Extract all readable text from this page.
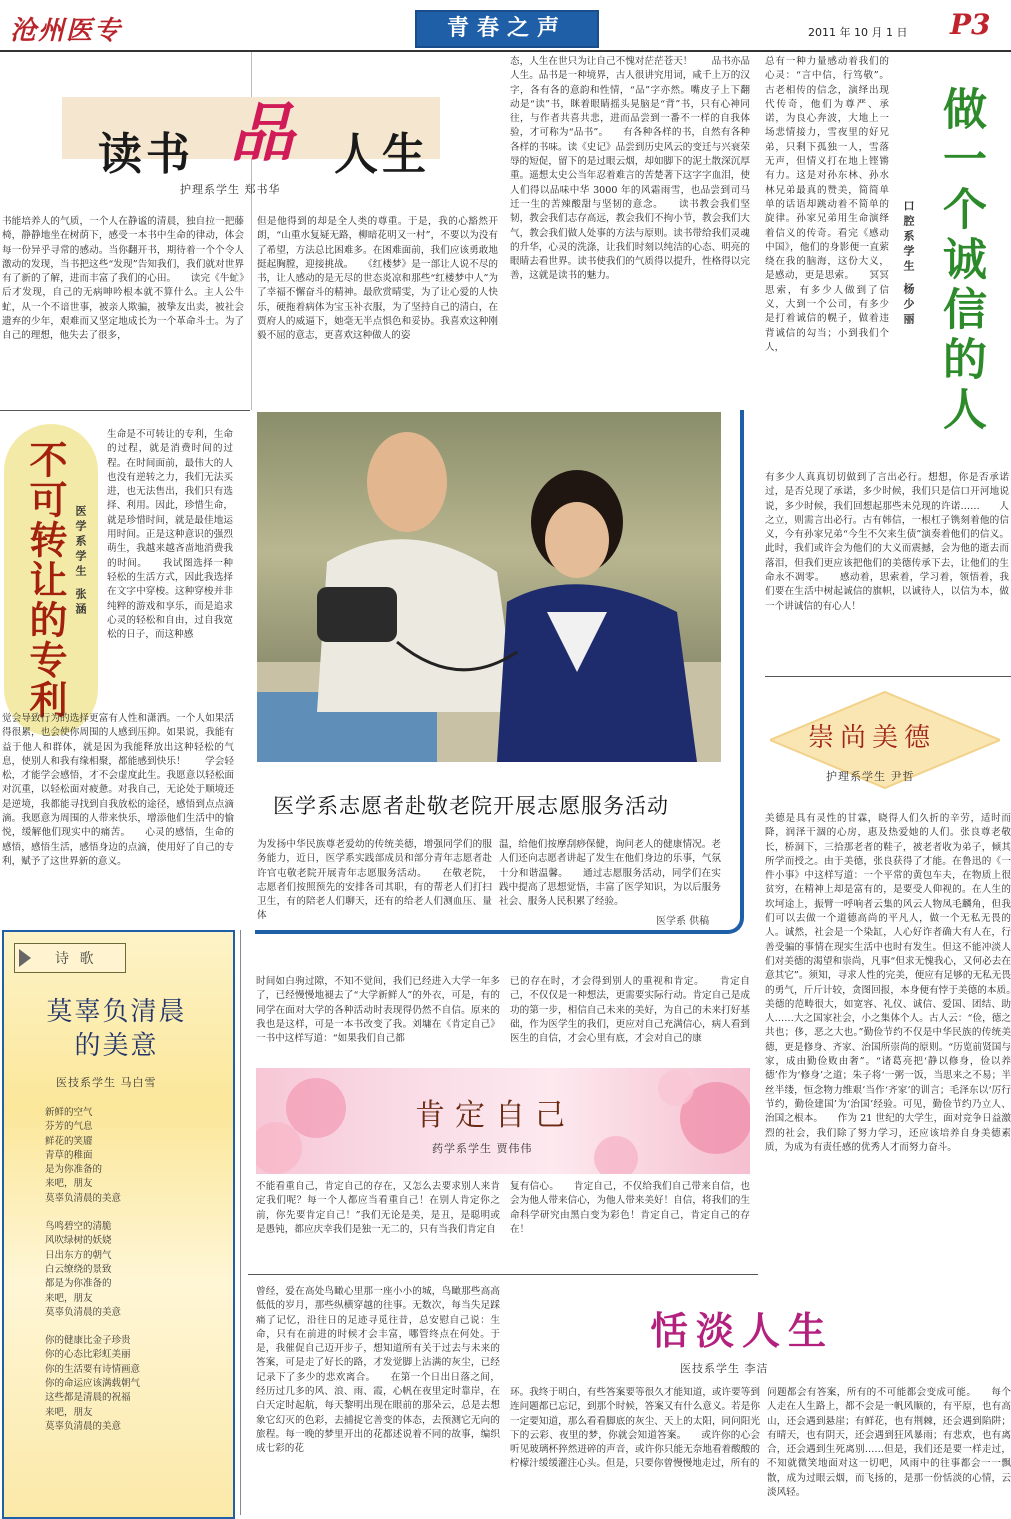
沧州医专	青春之声	2011 年 10 月 1 日 P3
读书 品 人生
护理系学生 郑书华
书能培养人的气质，一个人在静谧的清晨，独自拉一把藤椅，静静地坐在树荫下，感受一本书中生命的律动，体会每一份异乎寻常的感动。当你翻开书，期待着一个个令人激动的发现，当书把这些“发现”告知我们，我们就对世界有了新的了解，进而丰富了我们的心田。　　读完《牛虻》后才发现，自己的无病呻吟根本就不算什么。主人公牛虻，从一个不谙世事，被亲人欺骗，被挚友出卖，被社会遗弃的少年，艰难而又坚定地成长为一个革命斗士。为了自己的理想，他失去了很多，
但是他得到的却是全人类的尊重。于是，我的心豁然开朗，“山重水复疑无路，柳暗花明又一村”，不要以为没有了希望，方法总比困难多。在困难面前，我们应该勇敢地挺起胸膛，迎接挑战。　　《红楼梦》是一部让人说不尽的书，让人感动的是无尽的世态炎凉和那些“红楼梦中人”为了幸福不懈奋斗的精神。最欣赏晴雯，为了让心爱的人快乐，硬拖着病体为宝玉补衣服，为了坚持自己的清白，在贾府人的威逼下，她毫无半点惧色和妥协。我喜欢这种刚毅不屈的意志，更喜欢这种做人的姿
态，人生在世只为让自己不愧对茫茫苍天！　　品书亦品人生。品书是一种境界，古人很讲究用词，咸千上万的汉字，各有各的意韵和性情，“品”字亦然。嘴皮子上下翻动是“读”书，眯着眼睛摇头晃脑是“背”书，只有心神同往，与作者共喜共悲，进而品尝到一番不一样的自我体验，才可称为“品书”。　　有各种各样的书，自然有各种各样的书味。读《史记》品尝到历史风云的变迁与兴衰荣辱的短促，留下的是过眼云烟，却如脚下的泥土散深沉厚重。遥想太史公当年忍着难言的苦楚著下这字字血泪，使人们得以品味中华 3000 年的风霜雨雪，也品尝到司马迁一生的苦辣酸甜与坚韧的意念。　　读书教会我们坚韧，教会我们志存高远，教会我们不拘小节，教会我们大气，教会我们做人处事的方法与原则。读书带给我们灵魂的升华，心灵的洗涤，让我们时刻以纯洁的心态、明亮的眼睛去看世界。读书使我们的气质得以提升，性格得以完善，这就是读书的魅力。	做一个诚信的人
口腔系学生 杨少丽
总有一种力量感动着我们的心灵：“言中信，行笃敬”。古老相传的信念，演绎出现代传奇，他们为尊严、承诺，为良心奔波，大地上一场悲情接力，雪夜里的好兄弟，只剩下孤独一人，雪落无声，但情义打在地上铿锵有力。这是对孙东林、孙水林兄弟最真的赞美，简简单单的话语却跳动着不简单的旋律。孙家兄弟用生命演绎着信义的传奇。看完《感动中国》，他们的身影便一直萦绕在我的脑海，这份大义，是感动，更是思索。　　冥冥思索，有多少人做到了信义，大到一个公司，有多少是打着诚信的幌子，做着违背诚信的勾当；小到我们个人，
有多少人真真切切做到了言出必行。想想，你是否承诺过，是否兑现了承诺，多少时候，我们只是信口开河地说说，多少时候，我们回想起那些未兑现的许诺……　　人之立，则需言出必行。古有韩信，一根杠子镌刻着他的信义，今有孙家兄弟“今生不欠来生债”演奏着他们的信义。此时，我们或许会为他们的大义而震撼，会为他的逝去而落泪，但我们更应该把他们的美德传承下去，让他们的生命永不凋零。　　感动着，思索着，学习着，领悟着，我们要在生活中树起诚信的旗帜，以诚待人，以信为本，做一个讲诚信的有心人！
不可转让的专利 医学系学生 张涵
生命是不可转让的专利，生命的过程，就是消费时间的过程。在时间面前，最伟大的人也没有逆转之力，我们无法买进，也无法售出，我们只有选择、利用。因此，珍惜生命，就是珍惜时间，就是最佳地运用时间。正是这种意识的强烈萌生，我越来越吝啬地消费我的时间。　　我试图选择一种轻松的生活方式，因此我选择在文字中穿梭。这种穿梭并非纯粹的游戏和享乐，而是追求心灵的轻松和自由，过自我宽松的日子，而这种感
觉会导致行为的选择更富有人性和潇洒。一个人如果活得很累，也会使你周围的人感到压抑。如果说，我能有益于他人和群体，就是因为我能释放出这种轻松的气息，使别人和我有缘相聚，都能感到快乐！　　学会轻松，才能学会感悟，才不会虚度此生。我愿意以轻松面对沉重，以轻松面对疲惫。对我自己，无论处于顺境还是逆境，我都能寻找到自我放松的途径，感悟到点点滴滴。我愿意为周围的人带来快乐，增添他们生活中的愉悦，缓解他们现实中的痛苦。　　心灵的感悟，生命的感悟，感悟生活，感悟身边的点滴，使用好了自己的专利，赋予了这世界新的意义。
医学系志愿者赴敬老院开展志愿服务活动
为发扬中华民族尊老爱幼的传统美德，增强同学们的服务能力，近日，医学系实践部成员和部分青年志愿者赴许官屯敬老院开展青年志愿服务活动。　　在敬老院，志愿者们按照预先的安排各司其职，有的帮老人们打扫卫生，有的陪老人们聊天，还有的给老人们测血压、量体
温，给他们按摩刮痧保健，询问老人的健康情况。老人们还向志愿者讲起了发生在他们身边的乐事，气氛十分和谐温馨。　　通过志愿服务活动，同学们在实践中提高了思想觉悟，丰富了医学知识，为以后服务社会、服务人民积累了经验。
医学系 供稿
诗 歌
莫辜负清晨
的美意
医技系学生 马白雪
新鲜的空气
芬芳的气息
鲜花的笑靥
青草的稚面
是为你准备的
来吧，朋友
莫辜负清晨的美意
鸟鸣碧空的清脆
风吹绿树的妖娆
日出东方的朝气
白云缭绕的景致
都是为你准备的
来吧，朋友
莫辜负清晨的美意
你的健康比金子珍贵
你的心态比彩虹美丽
你的生活要有诗情画意
你的命运应该满载朝气
这些都是清晨的祝福
来吧，朋友
莫辜负清晨的美意
时间如白驹过隙，不知不觉间，我们已经进入大学一年多了，已经慢慢地褪去了“大学新鲜人”的外衣，可是，有的同学在面对大学的各种活动时表现得仍然不自信。原来的我也是这样，可是一本书改变了我。刘墉在《肯定自己》一书中这样写道：“如果我们自己都
已的存在时，才会得到别人的重视和肯定。　　肯定自己，不仅仅是一种想法，更需要实际行动。肯定自己是成功的第一步，相信自己未来的美好，为自己的未来打好基础，作为医学生的我们，更应对自己充满信心，病人看到医生的自信，才会心里有底，才会对自己的康
肯定自己
药学系学生 贾伟伟
不能看重自己，肯定自己的存在，又怎么去要求别人来肯定我们呢？每一个人都应当看重自己！在别人肯定你之前，你先要肯定自己！”我们无论是美，是丑，是聪明或是愚钝，都应庆幸我们是独一无二的，只有当我们肯定自
复有信心。　　肯定自己，不仅给我们自己带来自信，也会为他人带来信心，为他人带来美好！自信，将我们的生命科学研究由黑白变为彩色！肯定自己，肯定自己的存在！
崇尚美德
护理系学生 尹哲
美德是具有灵性的甘霖，晓得人们久折的辛劳，适时而降，润泽干涸的心房，惠及热爱她的人们。张良尊老敬长，桥洞下，三拾那老者的鞋子，被老者收为弟子，倾其所学而授之。由于美德，张良获得了才能。在鲁迅的《一件小事》中这样写道：一个平常的黄包车夫，在物质上很贫穷，在精神上却是富有的，是要受人仰视的。在人生的坎坷途上，振臂一呼响者云集的风云人物凤毛麟角，但我们可以去做一个道德高尚的平凡人，做一个无私无畏的人。诚然，社会是一个染缸，人心好诈者确大有人在，行善受骗的事情在现实生活中也时有发生。但这不能冲淡人们对美德的渴望和崇尚，凡事“但求无愧我心，又何必去在意其它”。须知，寻求人性的完美，便应有足够的无私无畏的勇气，斤斤计较，贪图回报，本身便有悖于美德的本质。　　美德的范畴很大，如宽容、礼仪、诚信、爱国、团结、助人……大之国家社会，小之集体个人。古人云：“俭，德之共也；侈，恶之大也。”勤俭节约不仅是中华民族的传统美德，更是修身、齐家、治国所崇尚的原则。“历览前贤国与家，成由勤俭败由奢”。“诸葛亮把‘静以修身，俭以养德’作为‘修身’之道；朱子将‘一粥一饭，当思来之不易；半丝半缕，恒念物力维艰’当作‘齐家’的训言；毛泽东以‘厉行节约，勤俭建国’为‘治国’经验。可见，勤俭节约乃立人、治国之根本。　　作为 21 世纪的大学生，面对竞争日益激烈的社会，我们除了努力学习，还应该培养自身美德素质，为成为有责任感的优秀人才而努力奋斗。
恬淡人生
医技系学生 李洁
曾经，爱在高处鸟瞰心里那一座小小的城，鸟瞰那些高高低低的岁月，那些纵横穿越的往事。无数次，每当失足踩痛了记忆，沿往日的足迹寻觅往昔，总安慰自己说：生命，只有在前进的时候才会丰富，哪管终点在何处。于是，我催促自己迈开步子，想知道所有关于过去与未来的答案，可是走了好长的路，才发觉脚上沾满的灰尘，已经记录下了多少的悲欢离合。　　在第一个日出日落之间，经历过几多的风、浪、雨、霞，心帆在夜里定时靠岸，在白天定时起航，每天黎明出现在眼前的那朵云，总是去想象它幻灭的色彩，去捕捉它善变的体态，去预测它无向的旅程。每一晚的梦里开出的花都述说着不同的故事，编织成七彩的花
环。我终于明白，有些答案要等很久才能知道，或许要等到连问题都已忘记，到那个时候，答案又有什么意义。若是你一定要知道，那么看看脚底的灰尘、天上的太阳，同问阳光下的云彩、夜里的梦，你就会知道答案。　　或许你的心会听见玻璃杯猝然迸碎的声音，或许你只能无奈地看着酸酸的柠檬汁缓缓灌注心头。但是，只要你曾慢慢地走过，所有的
问题都会有答案，所有的不可能都会变成可能。　　每个人走在人生路上，都不会是一帆风顺的，有平原，也有高山，还会遇到悬崖；有鲜花，也有荆棘，还会遇到陷阱；有晴天，也有阴天，还会遇到狂风暴雨；有悲欢，也有离合，还会遇到生死离别……但是，我们还是要一样走过，不知就微笑地面对这一切吧，风雨中的往事都会一一飘散，成为过眼云烟，而飞扬的，是那一份恬淡的心情，云淡风轻。
